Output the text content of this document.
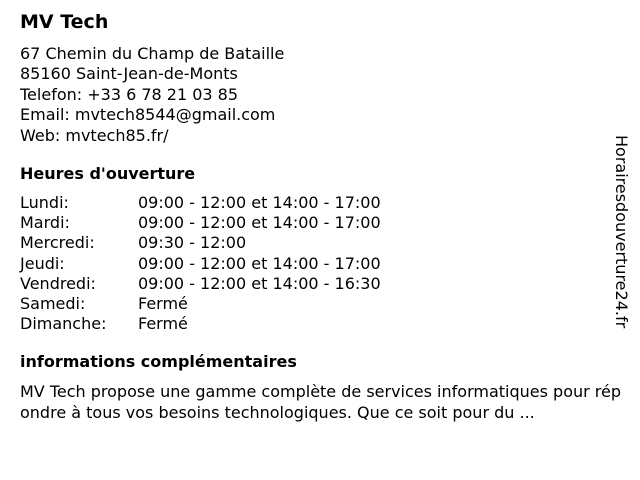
MV Tech
67 Chemin du Champ de Bataille
85160 Saint-Jean-de-Monts
Telefon: +33 6 78 21 03 85
Email: mvtech8544@gmail.com
Web: mvtech85.fr/
Heures d'ouverture
Lundi:	09:00 - 12:00 et 14:00 - 17:00
Mardi:	09:00 - 12:00 et 14:00 - 17:00
Mercredi:	09:30 - 12:00
Jeudi:	09:00 - 12:00 et 14:00 - 17:00
Vendredi:	09:00 - 12:00 et 14:00 - 16:30
Samedi:	Fermé
Dimanche:	Fermé
informations complémentaires
MV Tech propose une gamme complète de services informatiques pour répondre à tous vos besoins technologiques. Que ce soit pour du ...
Horairesdouverture24.fr
